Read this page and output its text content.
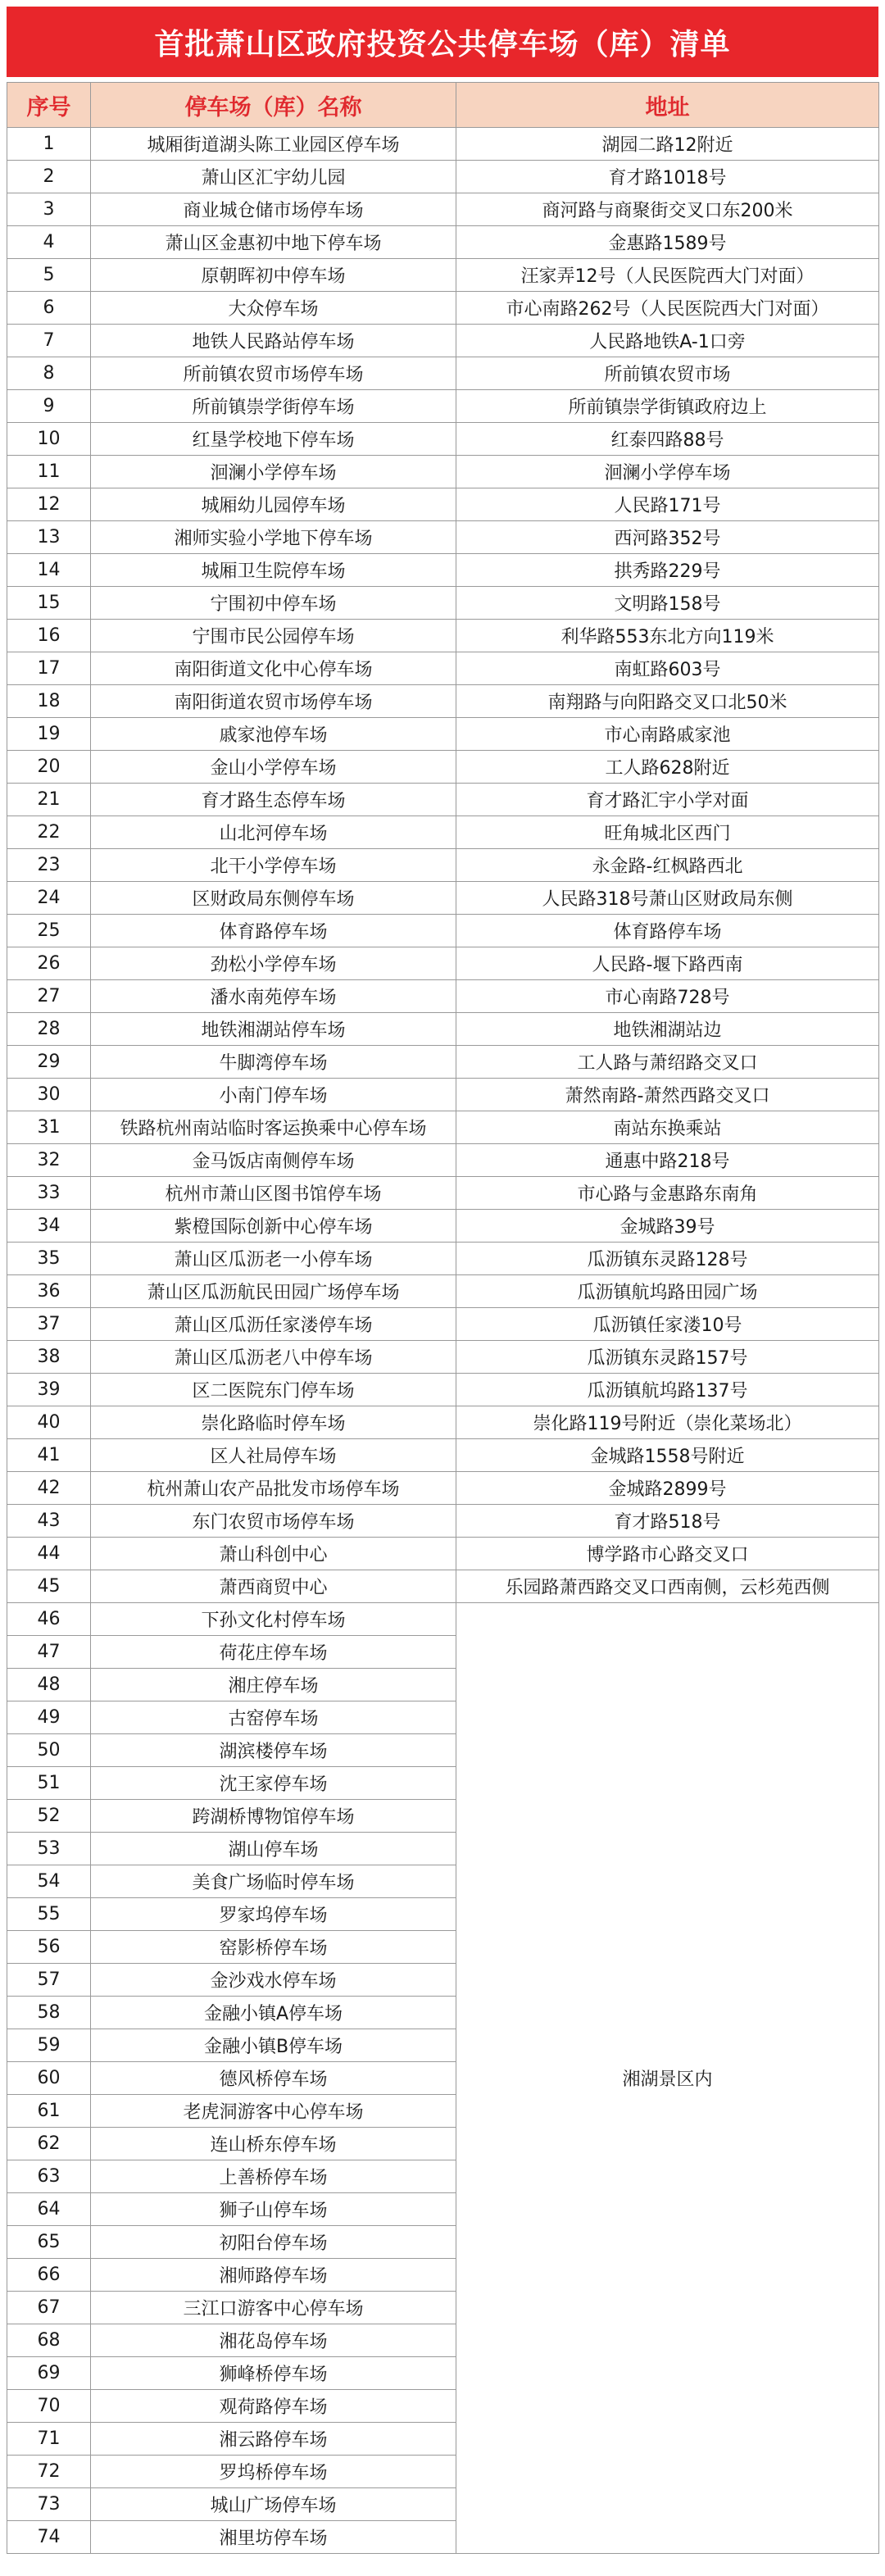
首批萧山区政府投资公共停车场（库）清单
序号	停车场（库）名称	地址
1	城厢街道湖头陈工业园区停车场	湖园二路12附近
2	萧山区汇宇幼儿园	育才路1018号
3	商业城仓储市场停车场	商河路与商聚街交叉口东200米
4	萧山区金惠初中地下停车场	金惠路1589号
5	原朝晖初中停车场	汪家弄12号（人民医院西大门对面）
6	大众停车场	市心南路262号（人民医院西大门对面）
7	地铁人民路站停车场	人民路地铁A-1口旁
8	所前镇农贸市场停车场	所前镇农贸市场
9	所前镇崇学街停车场	所前镇崇学街镇政府边上
10	红垦学校地下停车场	红泰四路88号
11	洄澜小学停车场	洄澜小学停车场
12	城厢幼儿园停车场	人民路171号
13	湘师实验小学地下停车场	西河路352号
14	城厢卫生院停车场	拱秀路229号
15	宁围初中停车场	文明路158号
16	宁围市民公园停车场	利华路553东北方向119米
17	南阳街道文化中心停车场	南虹路603号
18	南阳街道农贸市场停车场	南翔路与向阳路交叉口北50米
19	戚家池停车场	市心南路戚家池
20	金山小学停车场	工人路628附近
21	育才路生态停车场	育才路汇宇小学对面
22	山北河停车场	旺角城北区西门
23	北干小学停车场	永金路-红枫路西北
24	区财政局东侧停车场	人民路318号萧山区财政局东侧
25	体育路停车场	体育路停车场
26	劲松小学停车场	人民路-堰下路西南
27	潘水南苑停车场	市心南路728号
28	地铁湘湖站停车场	地铁湘湖站边
29	牛脚湾停车场	工人路与萧绍路交叉口
30	小南门停车场	萧然南路-萧然西路交叉口
31	铁路杭州南站临时客运换乘中心停车场	南站东换乘站
32	金马饭店南侧停车场	通惠中路218号
33	杭州市萧山区图书馆停车场	市心路与金惠路东南角
34	紫橙国际创新中心停车场	金城路39号
35	萧山区瓜沥老一小停车场	瓜沥镇东灵路128号
36	萧山区瓜沥航民田园广场停车场	瓜沥镇航坞路田园广场
37	萧山区瓜沥任家溇停车场	瓜沥镇任家溇10号
38	萧山区瓜沥老八中停车场	瓜沥镇东灵路157号
39	区二医院东门停车场	瓜沥镇航坞路137号
40	崇化路临时停车场	崇化路119号附近（崇化菜场北）
41	区人社局停车场	金城路1558号附近
42	杭州萧山农产品批发市场停车场	金城路2899号
43	东门农贸市场停车场	育才路518号
44	萧山科创中心	博学路市心路交叉口
45	萧西商贸中心	乐园路萧西路交叉口西南侧，云杉苑西侧
46	下孙文化村停车场	湘湖景区内
47	荷花庄停车场	
48	湘庄停车场	
49	古窑停车场	
50	湖滨楼停车场	
51	沈王家停车场	
52	跨湖桥博物馆停车场	
53	湖山停车场	
54	美食广场临时停车场	
55	罗家坞停车场	
56	窑影桥停车场	
57	金沙戏水停车场	
58	金融小镇A停车场	
59	金融小镇B停车场	
60	德风桥停车场	
61	老虎洞游客中心停车场	
62	连山桥东停车场	
63	上善桥停车场	
64	狮子山停车场	
65	初阳台停车场	
66	湘师路停车场	
67	三江口游客中心停车场	
68	湘花岛停车场	
69	狮峰桥停车场	
70	观荷路停车场	
71	湘云路停车场	
72	罗坞桥停车场	
73	城山广场停车场	
74	湘里坊停车场	
